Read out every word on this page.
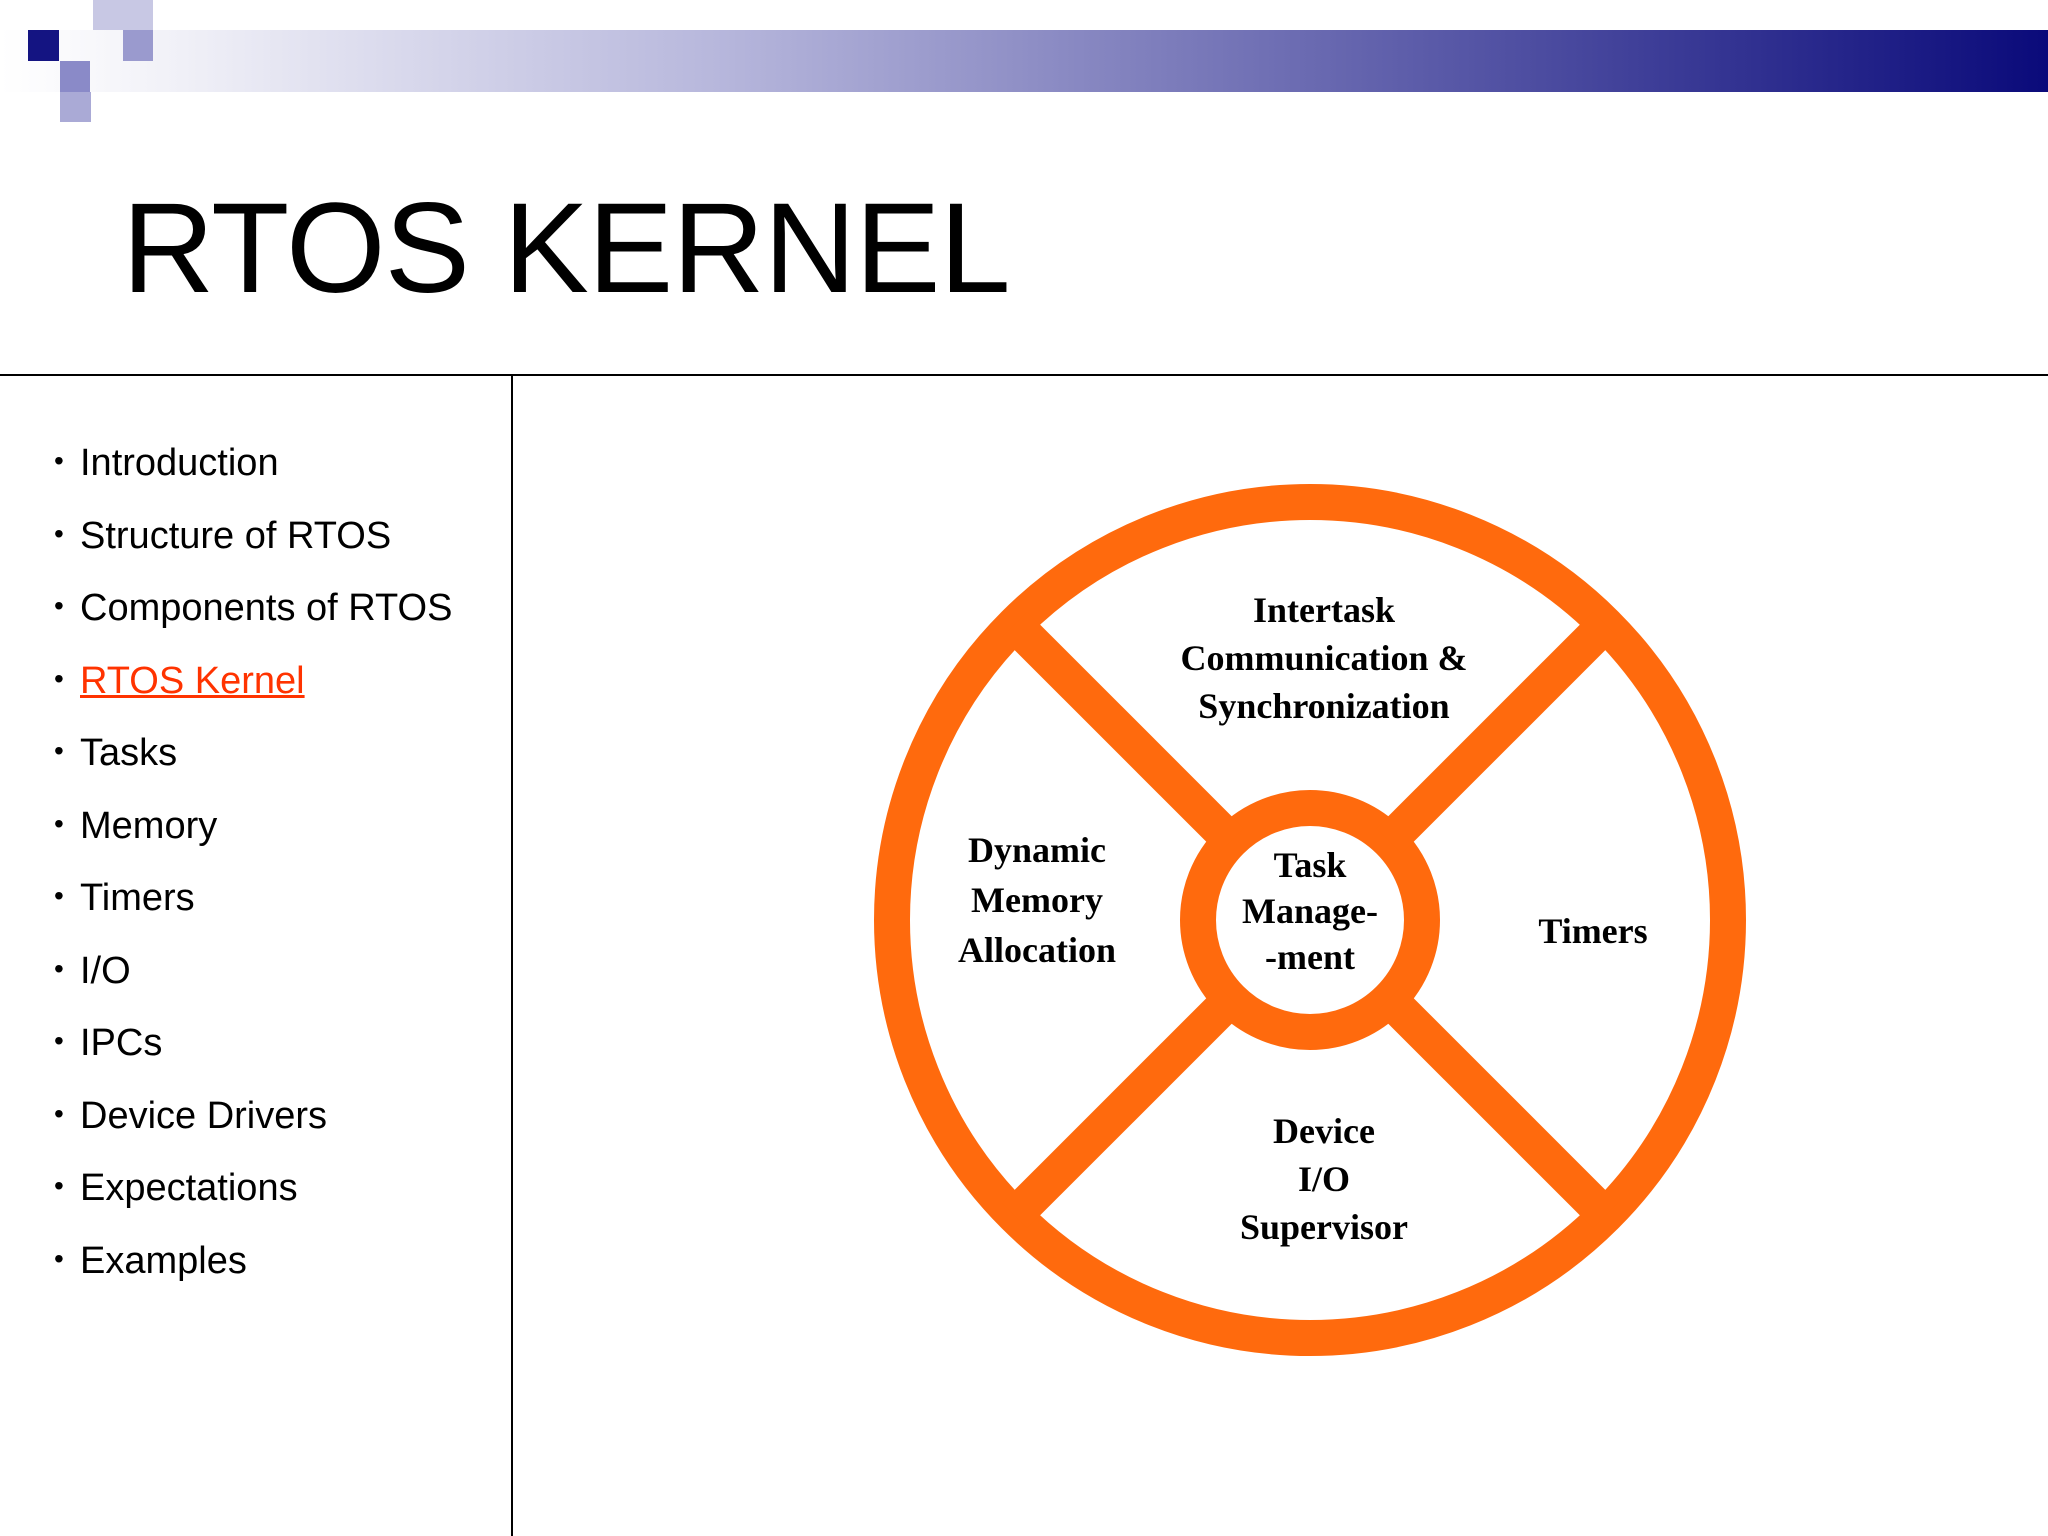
RTOS KERNEL
• Introduction
• Structure of RTOS
• Components of RTOS
• RTOS Kernel
• Tasks
• Memory
• Timers
• I/O
• IPCs
• Device Drivers
• Expectations
• Examples
Task
Manage-
-ment
Intertask
Communication &
Synchronization
Timers
Device
I/O
Supervisor
Dynamic
Memory
Allocation
